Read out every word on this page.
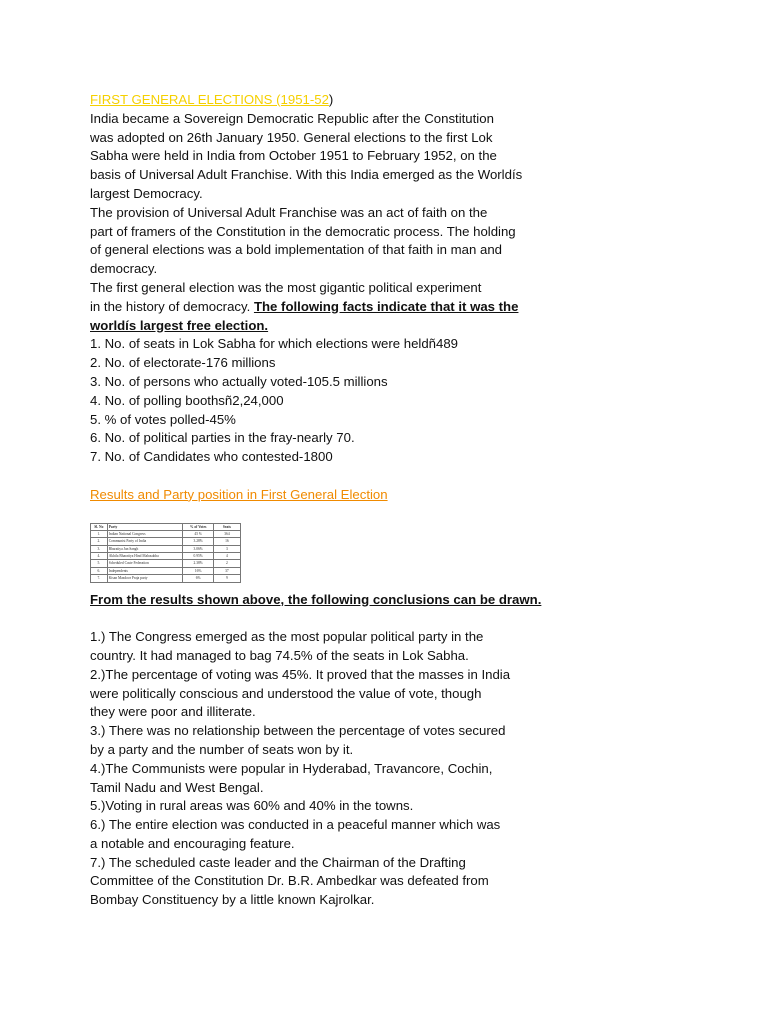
FIRST GENERAL ELECTIONS (1951-52)

India became a Sovereign Democratic Republic after the Constitution

was adopted on 26th January 1950. General elections to the first Lok

Sabha were held in India from October 1951 to February 1952, on the

basis of Universal Adult Franchise. With this India emerged as the Worldís

largest Democracy.

The provision of Universal Adult Franchise was an act of faith on the

part of framers of the Constitution in the democratic process. The holding

of general elections was a bold implementation of that faith in man and

democracy.

The first general election was the most gigantic political experiment

in the history of democracy. The following facts indicate that it was the

worldís largest free election.

1. No. of seats in Lok Sabha for which elections were heldñ489

2. No. of electorate-176 millions

3. No. of persons who actually voted-105.5 millions

4. No. of polling boothsñ2,24,000

5. % of votes polled-45%

6. No. of political parties in the fray-nearly 70.

7. No. of Candidates who contested-1800

Results and Party position in First General Election

Sl. No	Party	% of Votes	Seats
1.	Indian National Congress	45 %	364
2.	Communist Party of India	3.28%	16
3.	Bharatiya Jan Sangh	3.06%	3
4.	Akhila Bharatiya Hind Mahasabha	0.95%	4
5.	Scheduled Caste Federation	2.38%	2
6.	Independents	16%	37
7.	Kisan Mazdoor Praja party	6%	9

From the results shown above, the following conclusions can be drawn.

1.) The Congress emerged as the most popular political party in the

country. It had managed to bag 74.5% of the seats in Lok Sabha.

2.)The percentage of voting was 45%. It proved that the masses in India

were politically conscious and understood the value of vote, though

they were poor and illiterate.

3.) There was no relationship between the percentage of votes secured

by a party and the number of seats won by it.

4.)The Communists were popular in Hyderabad, Travancore, Cochin,

Tamil Nadu and West Bengal.

5.)Voting in rural areas was 60% and 40% in the towns.

6.) The entire election was conducted in a peaceful manner which was

a notable and encouraging feature.

7.) The scheduled caste leader and the Chairman of the Drafting

Committee of the Constitution Dr. B.R. Ambedkar was defeated from

Bombay Constituency by a little known Kajrolkar.
